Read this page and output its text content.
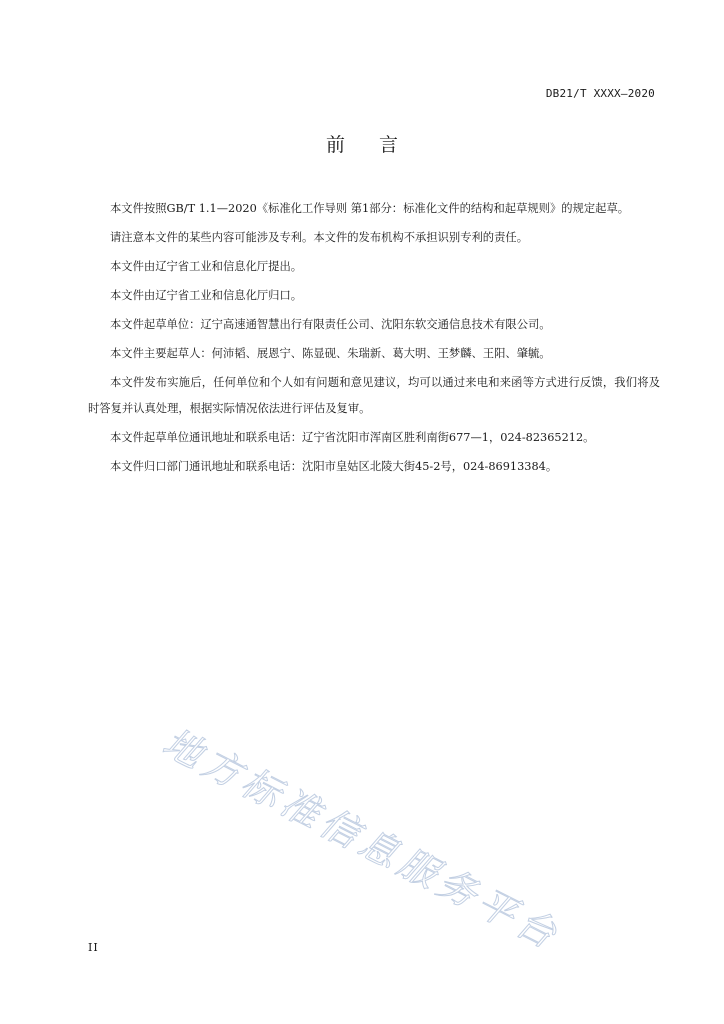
DB21/T XXXX—2020
前言

本文件按照GB/T 1.1—2020《标准化工作导则 第1部分：标准化文件的结构和起草规则》的规定起草。

请注意本文件的某些内容可能涉及专利。本文件的发布机构不承担识别专利的责任。

本文件由辽宁省工业和信息化厅提出。

本文件由辽宁省工业和信息化厅归口。

本文件起草单位：辽宁高速通智慧出行有限责任公司、沈阳东软交通信息技术有限公司。

本文件主要起草人：何沛韬、展恩宁、陈显砚、朱瑞新、葛大明、王梦麟、王阳、肇毓。

本文件发布实施后，任何单位和个人如有问题和意见建议，均可以通过来电和来函等方式进行反馈，我们将及时答复并认真处理，根据实际情况依法进行评估及复审。

本文件起草单位通讯地址和联系电话：辽宁省沈阳市浑南区胜利南街677—1，024-82365212。

本文件归口部门通讯地址和联系电话：沈阳市皇姑区北陵大街45-2号，024-86913384。

地方标准信息服务平台
II
